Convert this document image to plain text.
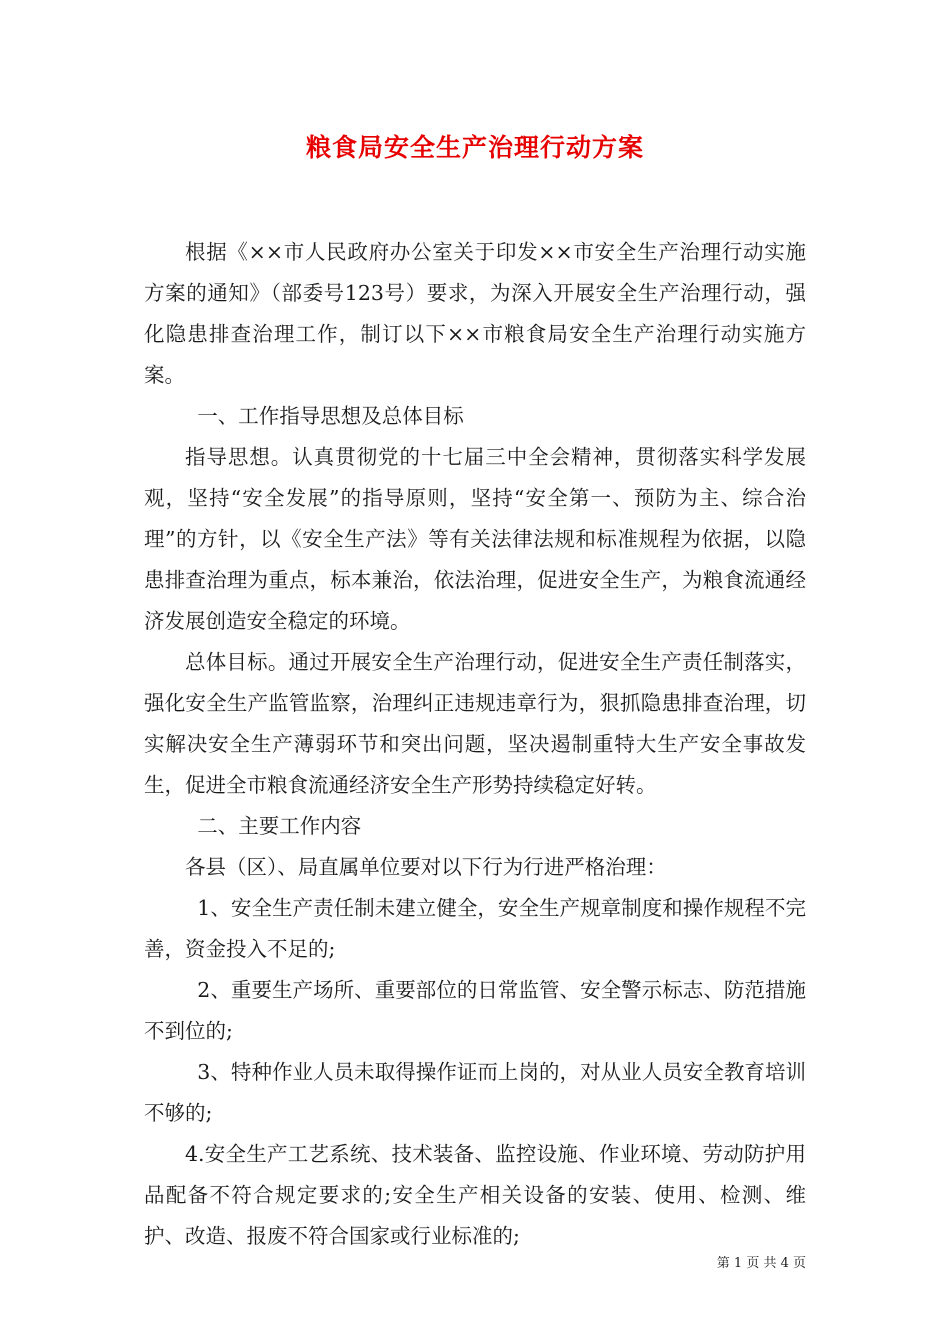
粮食局安全生产治理行动方案

根据《××市人民政府办公室关于印发××市安全生产治理行动实施方案的通知》（部委号123号）要求，为深入开展安全生产治理行动，强化隐患排查治理工作，制订以下××市粮食局安全生产治理行动实施方案。

一、工作指导思想及总体目标

指导思想。认真贯彻党的十七届三中全会精神，贯彻落实科学发展观，坚持“安全发展”的指导原则，坚持“安全第一、预防为主、综合治理”的方针，以《安全生产法》等有关法律法规和标准规程为依据，以隐患排查治理为重点，标本兼治，依法治理，促进安全生产，为粮食流通经济发展创造安全稳定的环境。

总体目标。通过开展安全生产治理行动，促进安全生产责任制落实，强化安全生产监管监察，治理纠正违规违章行为，狠抓隐患排查治理，切实解决安全生产薄弱环节和突出问题，坚决遏制重特大生产安全事故发生，促进全市粮食流通经济安全生产形势持续稳定好转。

二、主要工作内容

各县（区）、局直属单位要对以下行为行进严格治理：

1、安全生产责任制未建立健全，安全生产规章制度和操作规程不完善，资金投入不足的;

2、重要生产场所、重要部位的日常监管、安全警示标志、防范措施不到位的;

3、特种作业人员未取得操作证而上岗的，对从业人员安全教育培训不够的;

4.安全生产工艺系统、技术装备、监控设施、作业环境、劳动防护用品配备不符合规定要求的;安全生产相关设备的安装、使用、检测、维护、改造、报废不符合国家或行业标准的;

第 1 页 共 4 页
